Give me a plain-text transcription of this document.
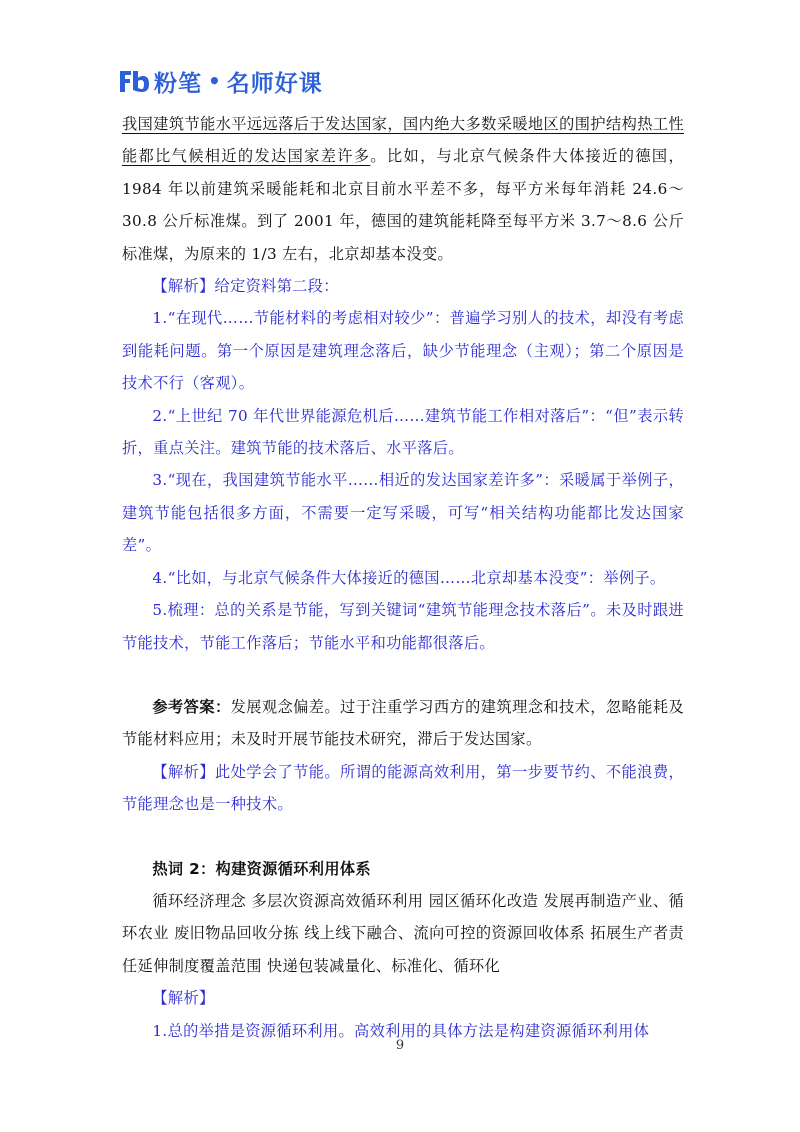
粉笔 • 名师好课

我国建筑节能水平远远落后于发达国家，国内绝大多数采暖地区的围护结构热工性能都比气候相近的发达国家差许多。比如，与北京气候条件大体接近的德国，1984 年以前建筑采暖能耗和北京目前水平差不多，每平方米每年消耗 24.6～30.8 公斤标准煤。到了 2001 年，德国的建筑能耗降至每平方米 3.7～8.6 公斤标准煤，为原来的 1/3 左右，北京却基本没变。

【解析】给定资料第二段：

1.“在现代……节能材料的考虑相对较少”：普遍学习别人的技术，却没有考虑到能耗问题。第一个原因是建筑理念落后，缺少节能理念（主观）；第二个原因是技术不行（客观）。

2.“上世纪 70 年代世界能源危机后……建筑节能工作相对落后”：“但”表示转折，重点关注。建筑节能的技术落后、水平落后。

3.“现在，我国建筑节能水平……相近的发达国家差许多”：采暖属于举例子，建筑节能包括很多方面，不需要一定写采暖，可写“相关结构功能都比发达国家差”。

4.“比如，与北京气候条件大体接近的德国……北京却基本没变”：举例子。

5.梳理：总的关系是节能，写到关键词“建筑节能理念技术落后”。未及时跟进节能技术，节能工作落后；节能水平和功能都很落后。

参考答案：发展观念偏差。过于注重学习西方的建筑理念和技术，忽略能耗及节能材料应用；未及时开展节能技术研究，滞后于发达国家。

【解析】此处学会了节能。所谓的能源高效利用，第一步要节约、不能浪费，节能理念也是一种技术。

热词 2：构建资源循环利用体系

循环经济理念 多层次资源高效循环利用 园区循环化改造 发展再制造产业、循环农业 废旧物品回收分拣 线上线下融合、流向可控的资源回收体系 拓展生产者责任延伸制度覆盖范围 快递包装减量化、标准化、循环化

【解析】

1.总的举措是资源循环利用。高效利用的具体方法是构建资源循环利用体

9
